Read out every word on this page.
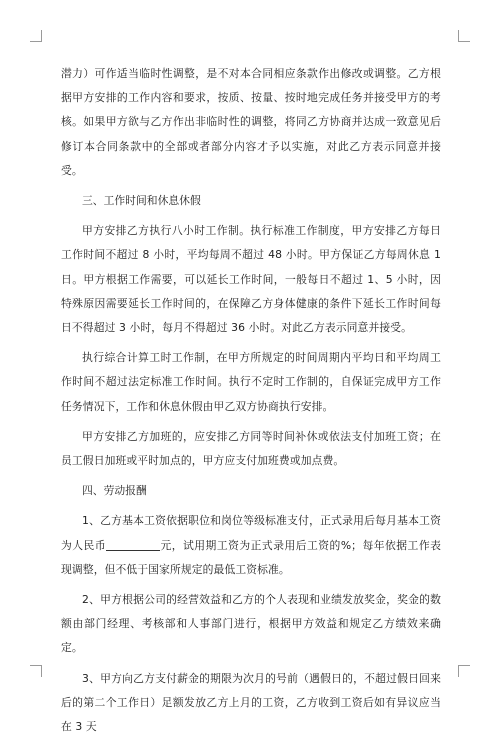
潜力）可作适当临时性调整，是不对本合同相应条款作出修改或调整。乙方根据甲方安排的工作内容和要求，按质、按量、按时地完成任务并接受甲方的考核。如果甲方欲与乙方作出非临时性的调整，将同乙方协商并达成一致意见后修订本合同条款中的全部或者部分内容才予以实施，对此乙方表示同意并接受。

三、工作时间和休息休假

甲方安排乙方执行八小时工作制。执行标准工作制度，甲方安排乙方每日工作时间不超过 8 小时，平均每周不超过 48 小时。甲方保证乙方每周休息 1 日。甲方根据工作需要，可以延长工作时间，一般每日不超过 1、5 小时，因特殊原因需要延长工作时间的，在保障乙方身体健康的条件下延长工作时间每日不得超过 3 小时，每月不得超过 36 小时。对此乙方表示同意并接受。

执行综合计算工时工作制，在甲方所规定的时间周期内平均日和平均周工作时间不超过法定标准工作时间。执行不定时工作制的，自保证完成甲方工作任务情况下，工作和休息休假由甲乙双方协商执行安排。

甲方安排乙方加班的，应安排乙方同等时间补休或依法支付加班工资；在员工假日加班或平时加点的，甲方应支付加班费或加点费。

四、劳动报酬

1、乙方基本工资依据职位和岗位等级标准支付，正式录用后每月基本工资为人民币	元，试用期工资为正式录用后工资的%；每年依据工作表现调整，但不低于国家所规定的最低工资标准。

2、甲方根据公司的经营效益和乙方的个人表现和业绩发放奖金，奖金的数额由部门经理、考核部和人事部门进行，根据甲方效益和规定乙方绩效来确定。

3、甲方向乙方支付薪金的期限为次月的号前（遇假日的，不超过假日回来后的第二个工作日）足额发放乙方上月的工资，乙方收到工资后如有异议应当在 3 天
